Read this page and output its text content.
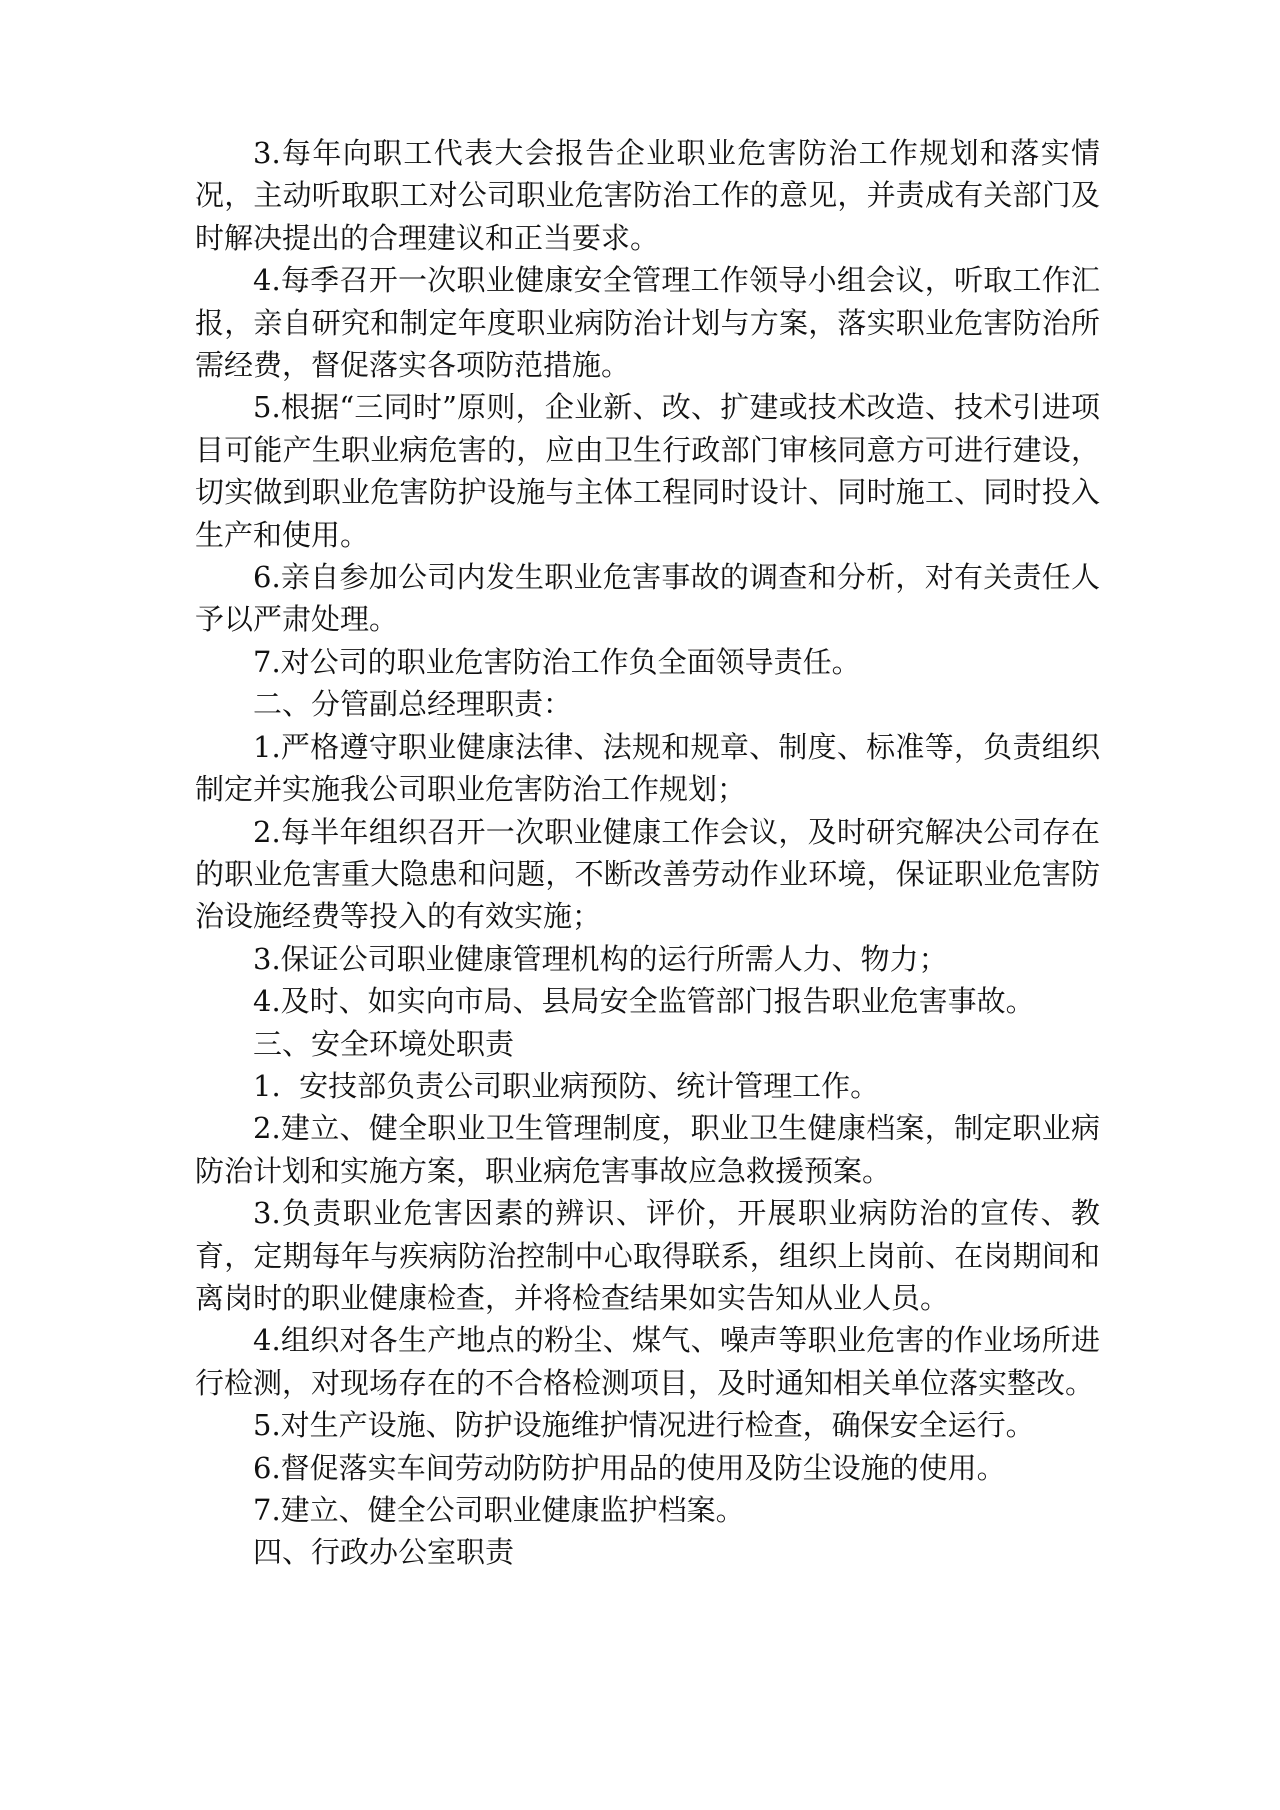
3.每年向职工代表大会报告企业职业危害防治工作规划和落实情况，主动听取职工对公司职业危害防治工作的意见，并责成有关部门及时解决提出的合理建议和正当要求。

4.每季召开一次职业健康安全管理工作领导小组会议，听取工作汇报，亲自研究和制定年度职业病防治计划与方案，落实职业危害防治所需经费，督促落实各项防范措施。

5.根据“三同时”原则，企业新、改、扩建或技术改造、技术引进项目可能产生职业病危害的，应由卫生行政部门审核同意方可进行建设，切实做到职业危害防护设施与主体工程同时设计、同时施工、同时投入生产和使用。

6.亲自参加公司内发生职业危害事故的调查和分析，对有关责任人予以严肃处理。

7.对公司的职业危害防治工作负全面领导责任。

二、分管副总经理职责：

1.严格遵守职业健康法律、法规和规章、制度、标准等，负责组织制定并实施我公司职业危害防治工作规划；

2.每半年组织召开一次职业健康工作会议，及时研究解决公司存在的职业危害重大隐患和问题，不断改善劳动作业环境，保证职业危害防治设施经费等投入的有效实施；

3.保证公司职业健康管理机构的运行所需人力、物力；

4.及时、如实向市局、县局安全监管部门报告职业危害事故。

三、安全环境处职责

1.  安技部负责公司职业病预防、统计管理工作。

2.建立、健全职业卫生管理制度，职业卫生健康档案，制定职业病防治计划和实施方案，职业病危害事故应急救援预案。

3.负责职业危害因素的辨识、评价，开展职业病防治的宣传、教育，定期每年与疾病防治控制中心取得联系，组织上岗前、在岗期间和离岗时的职业健康检查，并将检查结果如实告知从业人员。

4.组织对各生产地点的粉尘、煤气、噪声等职业危害的作业场所进行检测，对现场存在的不合格检测项目，及时通知相关单位落实整改。

5.对生产设施、防护设施维护情况进行检查，确保安全运行。

6.督促落实车间劳动防防护用品的使用及防尘设施的使用。

7.建立、健全公司职业健康监护档案。

四、行政办公室职责
